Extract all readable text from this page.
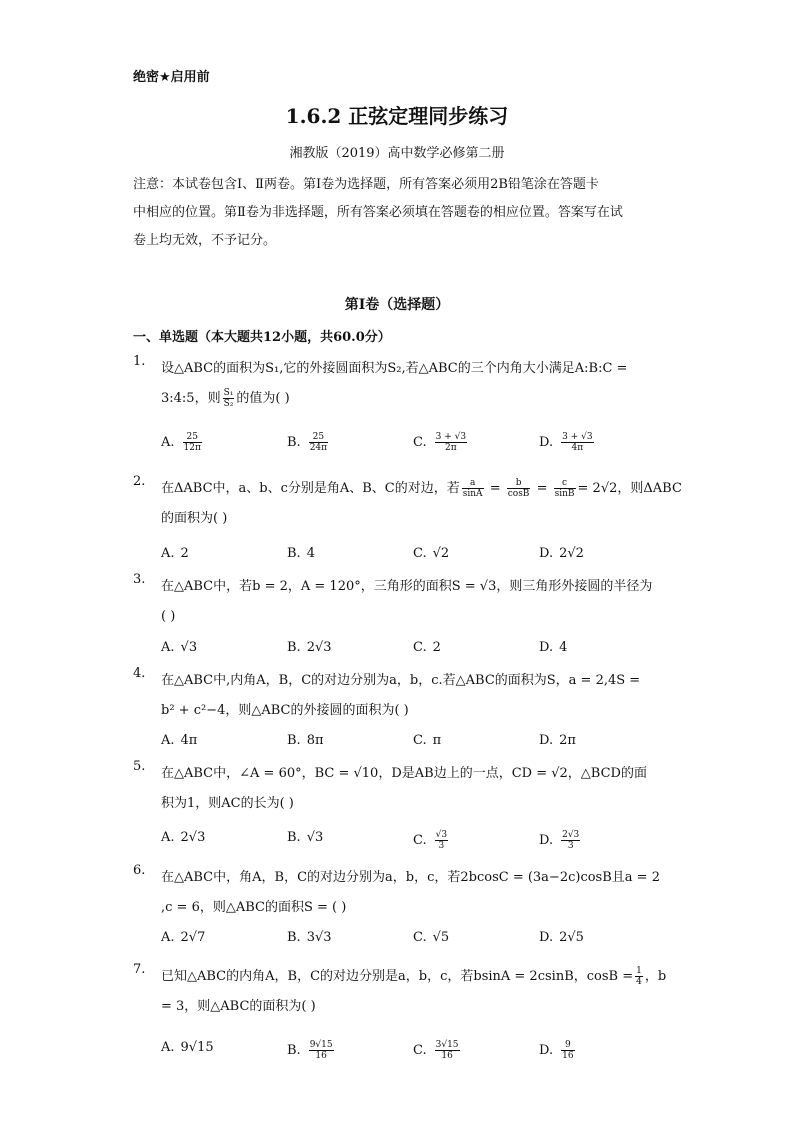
绝密★启用前
1.6.2 正弦定理同步练习
湘教版（2019）高中数学必修第二册
注意：本试卷包含Ⅰ、Ⅱ两卷。第Ⅰ卷为选择题，所有答案必须用2B铅笔涂在答题卡
中相应的位置。第Ⅱ卷为非选择题，所有答案必须填在答题卷的相应位置。答案写在试
卷上均无效，不予记分。
第Ⅰ卷（选择题）
一、单选题（本大题共12小题，共60.0分）
1.	设△ABC的面积为S₁,它的外接圆面积为S₂,若△ABC的三个内角大小满足A:B:C =
3:4:5，则 $\frac{\text{S₁}}{\text{S₂}}$ 的值为( )
A. $\frac{25}{12\pi}$	B. $\frac{25}{24\pi}$	C. $\frac{3 + √3}{2\pi}$	D. $\frac{3 + √3}{4\pi}$
2.	在ΔABC中，a、b、c分别是角A、B、C的对边，若 $\frac{a}{\sin A} = \frac{b}{\cos B} = \frac{c}{\sin B} = 2√2$，则ΔABC
的面积为( )
A. 2	B. 4	C. √2	D. 2√2
3.	在△ABC中，若b = 2，A = 120°，三角形的面积S = √3，则三角形外接圆的半径为
( )
A. √3	B. 2√3	C. 2	D. 4
4.	在△ABC中,内角A，B，C的对边分别为a，b，c.若△ABC的面积为S，a = 2,4S =
b² + c²−4，则△ABC的外接圆的面积为( )
A. 4π	B. 8π	C. π	D. 2π
5.	在△ABC中，∠A = 60°，BC = √10，D是AB边上的一点，CD = √2，△BCD的面
积为1，则AC的长为( )
A. 2√3	B. √3	C. $\frac{√3}{3}$	D. $\frac{2√3}{3}$
6.	在△ABC中，角A，B，C的对边分别为a，b，c，若2bcosC = (3a−2c)cosB且a = 2
,c = 6，则△ABC的面积S = ( )
A. 2√7	B. 3√3	C. √5	D. 2√5
7.	已知△ABC的内角A，B，C的对边分别是a，b，c，若bsinA = 2csinB，$\cos B = \frac{1}{4}$ ，b
= 3，则△ABC的面积为( )
A. 9√15	B. $\frac{9√15}{16}$	C. $\frac{3√15}{16}$	D. $\frac{9}{16}$
